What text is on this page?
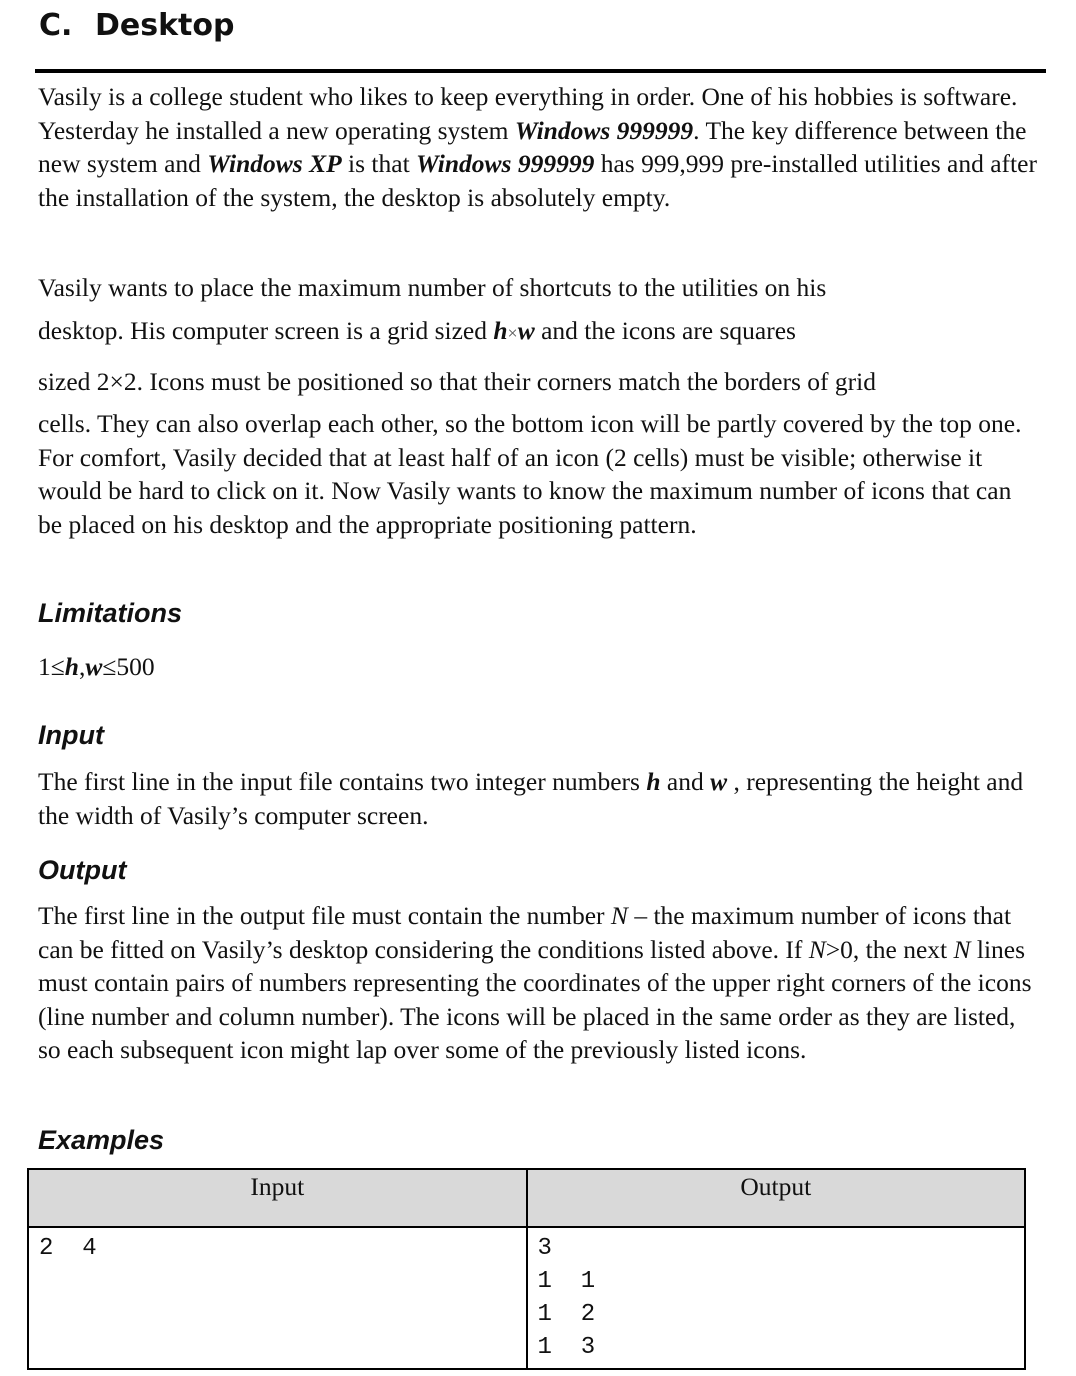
C. Desktop

Vasily is a college student who likes to keep everything in order. One of his hobbies is software. Yesterday he installed a new operating system Windows 999999. The key difference between the new system and Windows XP is that Windows 999999 has 999,999 pre-installed utilities and after the installation of the system, the desktop is absolutely empty.

Vasily wants to place the maximum number of shortcuts to the utilities on his
desktop. His computer screen is a grid sized h×w and the icons are squares
sized 2×2. Icons must be positioned so that their corners match the borders of grid

cells. They can also overlap each other, so the bottom icon will be partly covered by the top one. For comfort, Vasily decided that at least half of an icon (2 cells) must be visible; otherwise it would be hard to click on it. Now Vasily wants to know the maximum number of icons that can be placed on his desktop and the appropriate positioning pattern.

Limitations
1≤h,w≤500
Input

The first line in the input file contains two integer numbers h and w , representing the height and the width of Vasily’s computer screen.

Output

The first line in the output file must contain the number N – the maximum number of icons that can be fitted on Vasily’s desktop considering the conditions listed above. If N>0, the next N lines must contain pairs of numbers representing the coordinates of the upper right corners of the icons (line number and column number). The icons will be placed in the same order as they are listed, so each subsequent icon might lap over some of the previously listed icons.

Examples
Input	Output
2  4	3
1  1
1  2
1  3
